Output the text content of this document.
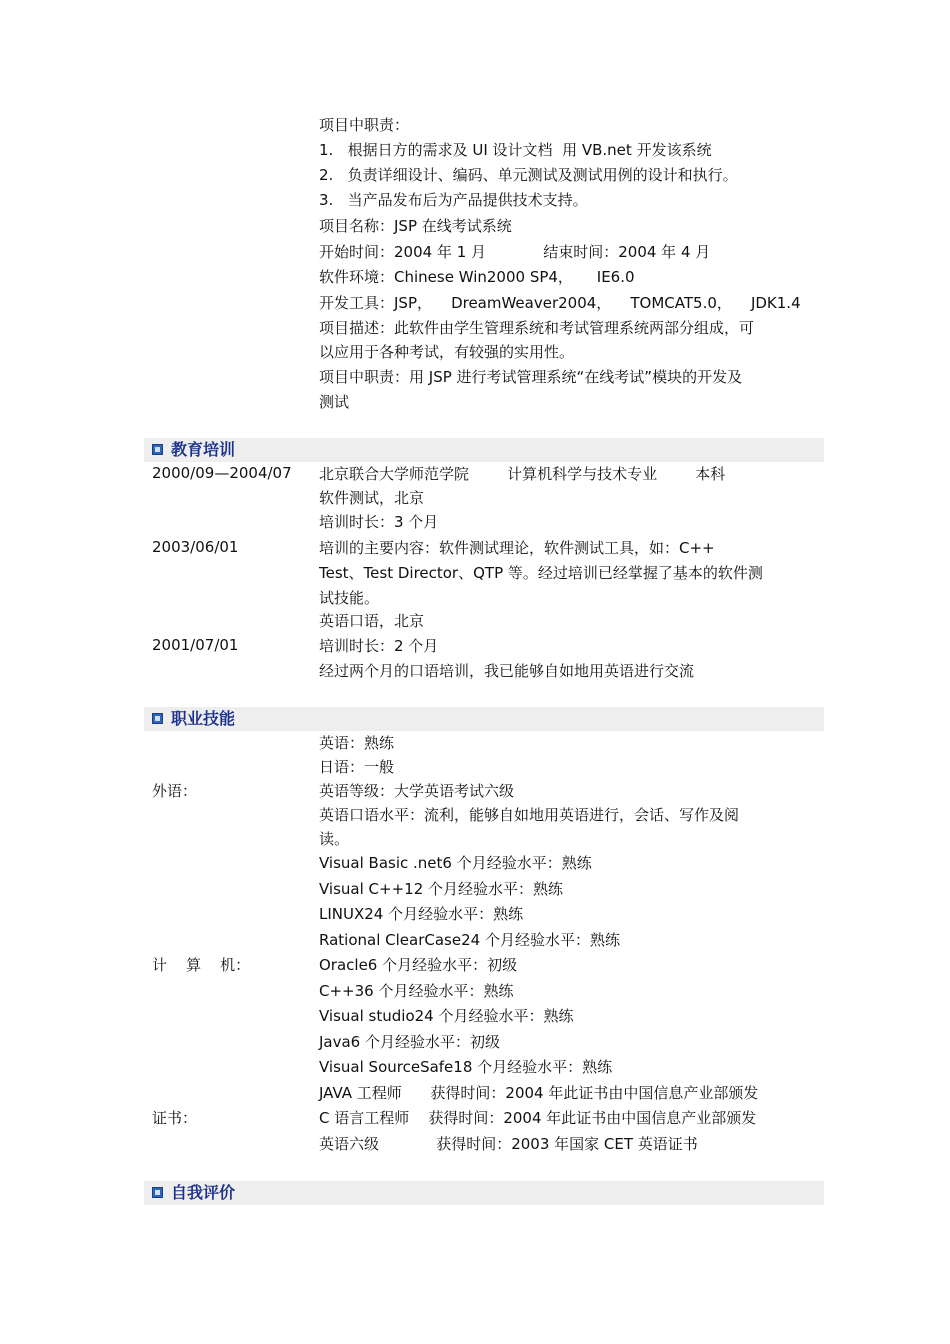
项目中职责：
1.   根据日方的需求及 UI 设计文档  用 VB.net 开发该系统
2.   负责详细设计、编码、单元测试及测试用例的设计和执行。
3.   当产品发布后为产品提供技术支持。
项目名称：JSP 在线考试系统
开始时间：2004 年 1 月            结束时间：2004 年 4 月
软件环境：Chinese Win2000 SP4，     IE6.0
开发工具：JSP，    DreamWeaver2004，    TOMCAT5.0，    JDK1.4
项目描述：此软件由学生管理系统和考试管理系统两部分组成，可
以应用于各种考试，有较强的实用性。
项目中职责：用 JSP 进行考试管理系统“在线考试”模块的开发及
测试
教育培训
2000/09—2004/07 北京联合大学师范学院        计算机科学与技术专业        本科
软件测试，北京
培训时长：3 个月
2003/06/01	培训的主要内容：软件测试理论，软件测试工具，如：C++
Test、Test Director、QTP 等。经过培训已经掌握了基本的软件测
试技能。
英语口语，北京
2001/07/01	培训时长：2 个月
经过两个月的口语培训，我已能够自如地用英语进行交流
职业技能
英语：熟练
日语：一般
外语：	英语等级：大学英语考试六级
英语口语水平：流利，能够自如地用英语进行，会话、写作及阅
读。
Visual Basic .net6 个月经验水平：熟练
Visual C++12 个月经验水平：熟练
LINUX24 个月经验水平：熟练
Rational ClearCase24 个月经验水平：熟练
计    算    机：	Oracle6 个月经验水平：初级
C++36 个月经验水平：熟练
Visual studio24 个月经验水平：熟练
Java6 个月经验水平：初级
Visual SourceSafe18 个月经验水平：熟练
JAVA 工程师      获得时间：2004 年此证书由中国信息产业部颁发
证书：	C 语言工程师    获得时间：2004 年此证书由中国信息产业部颁发
英语六级            获得时间：2003 年国家 CET 英语证书
自我评价
